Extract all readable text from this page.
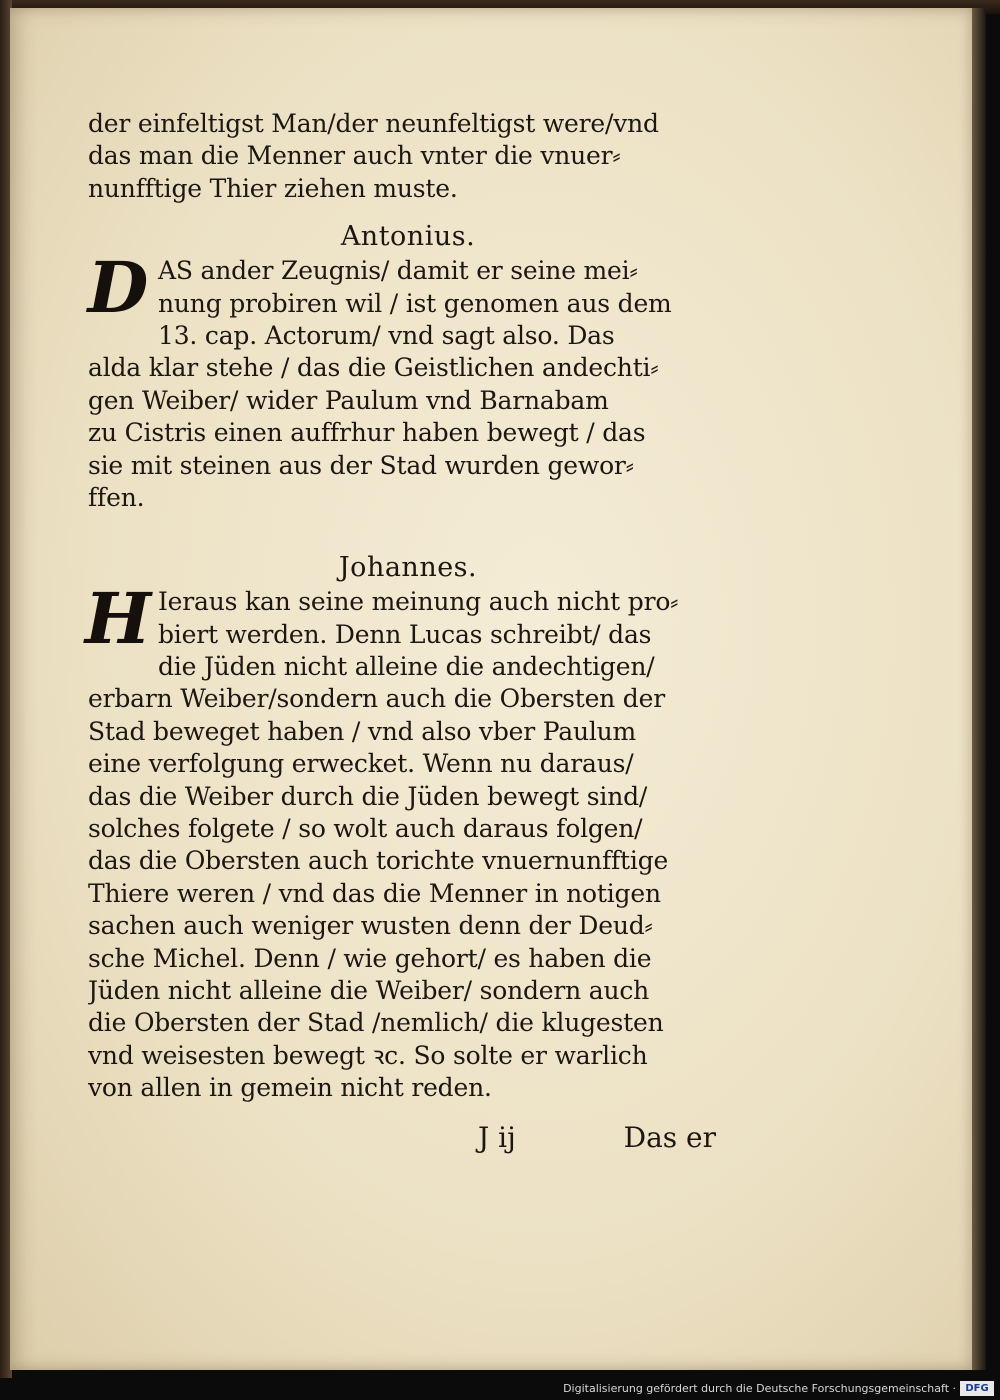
der einfeltigst Man/der neunfeltigst were/vnd
das man die Menner auch vnter die vnuer⸗
nunfftige Thier ziehen muste.
Antonius.
D AS ander Zeugnis/ damit er seine mei⸗
nung probiren wil / ist genomen aus dem
13. cap. Actorum/ vnd sagt also. Das
alda klar stehe / das die Geistlichen andechti⸗
gen Weiber/ wider Paulum vnd Barnabam
zu Cistris einen auffrhur haben bewegt / das
sie mit steinen aus der Stad wurden gewor⸗
ffen.
Johannes.
H Ieraus kan seine meinung auch nicht pro⸗
biert werden. Denn Lucas schreibt/ das
die Jüden nicht alleine die andechtigen/
erbarn Weiber/sondern auch die Obersten der
Stad beweget haben / vnd also vber Paulum
eine verfolgung erwecket. Wenn nu daraus/
das die Weiber durch die Jüden bewegt sind/
solches folgete / so wolt auch daraus folgen/
das die Obersten auch torichte vnuernunfftige
Thiere weren / vnd das die Menner in notigen
sachen auch weniger wusten denn der Deud⸗
sche Michel. Denn / wie gehort/ es haben die
Jüden nicht alleine die Weiber/ sondern auch
die Obersten der Stad /nemlich/ die klugesten
vnd weisesten bewegt ꝛc. So solte er warlich
von allen in gemein nicht reden.
J ij	Das er
Digitalisierung gefördert durch die Deutsche Forschungsgemeinschaft · DFG
